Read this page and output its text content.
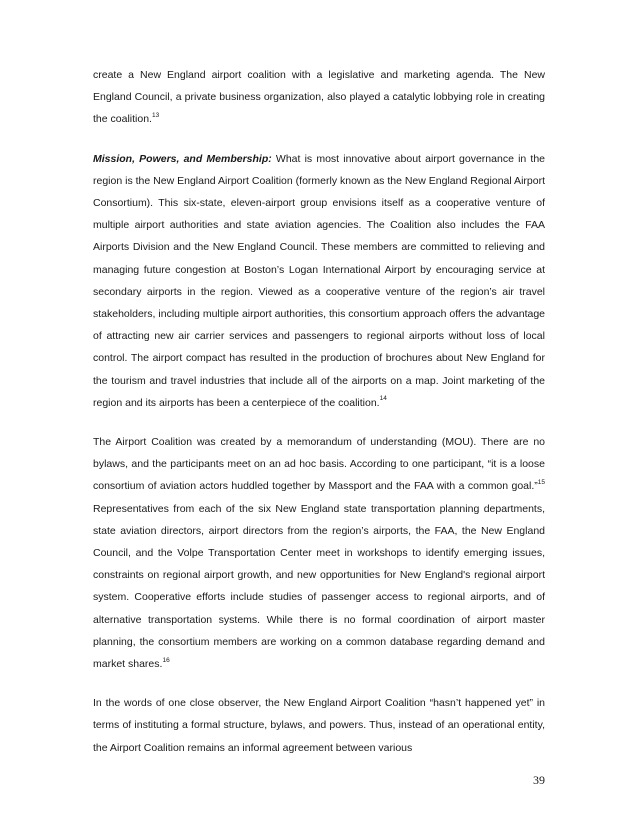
create a New England airport coalition with a legislative and marketing agenda. The New England Council, a private business organization, also played a catalytic lobbying role in creating the coalition.$^{13}$

Mission, Powers, and Membership: What is most innovative about airport governance in the region is the New England Airport Coalition (formerly known as the New England Regional Airport Consortium). This six-state, eleven-airport group envisions itself as a cooperative venture of multiple airport authorities and state aviation agencies. The Coalition also includes the FAA Airports Division and the New England Council. These members are committed to relieving and managing future congestion at Boston’s Logan International Airport by encouraging service at secondary airports in the region. Viewed as a cooperative venture of the region’s air travel stakeholders, including multiple airport authorities, this consortium approach offers the advantage of attracting new air carrier services and passengers to regional airports without loss of local control. The airport compact has resulted in the production of brochures about New England for the tourism and travel industries that include all of the airports on a map. Joint marketing of the region and its airports has been a centerpiece of the coalition.$^{14}$

The Airport Coalition was created by a memorandum of understanding (MOU). There are no bylaws, and the participants meet on an ad hoc basis. According to one participant, “it is a loose consortium of aviation actors huddled together by Massport and the FAA with a common goal.”$^{15}$ Representatives from each of the six New England state transportation planning departments, state aviation directors, airport directors from the region’s airports, the FAA, the New England Council, and the Volpe Transportation Center meet in workshops to identify emerging issues, constraints on regional airport growth, and new opportunities for New England's regional airport system. Cooperative efforts include studies of passenger access to regional airports, and of alternative transportation systems. While there is no formal coordination of airport master planning, the consortium members are working on a common database regarding demand and market shares.$^{16}$

In the words of one close observer, the New England Airport Coalition “hasn’t happened yet” in terms of instituting a formal structure, bylaws, and powers. Thus, instead of an operational entity, the Airport Coalition remains an informal agreement between various

39
